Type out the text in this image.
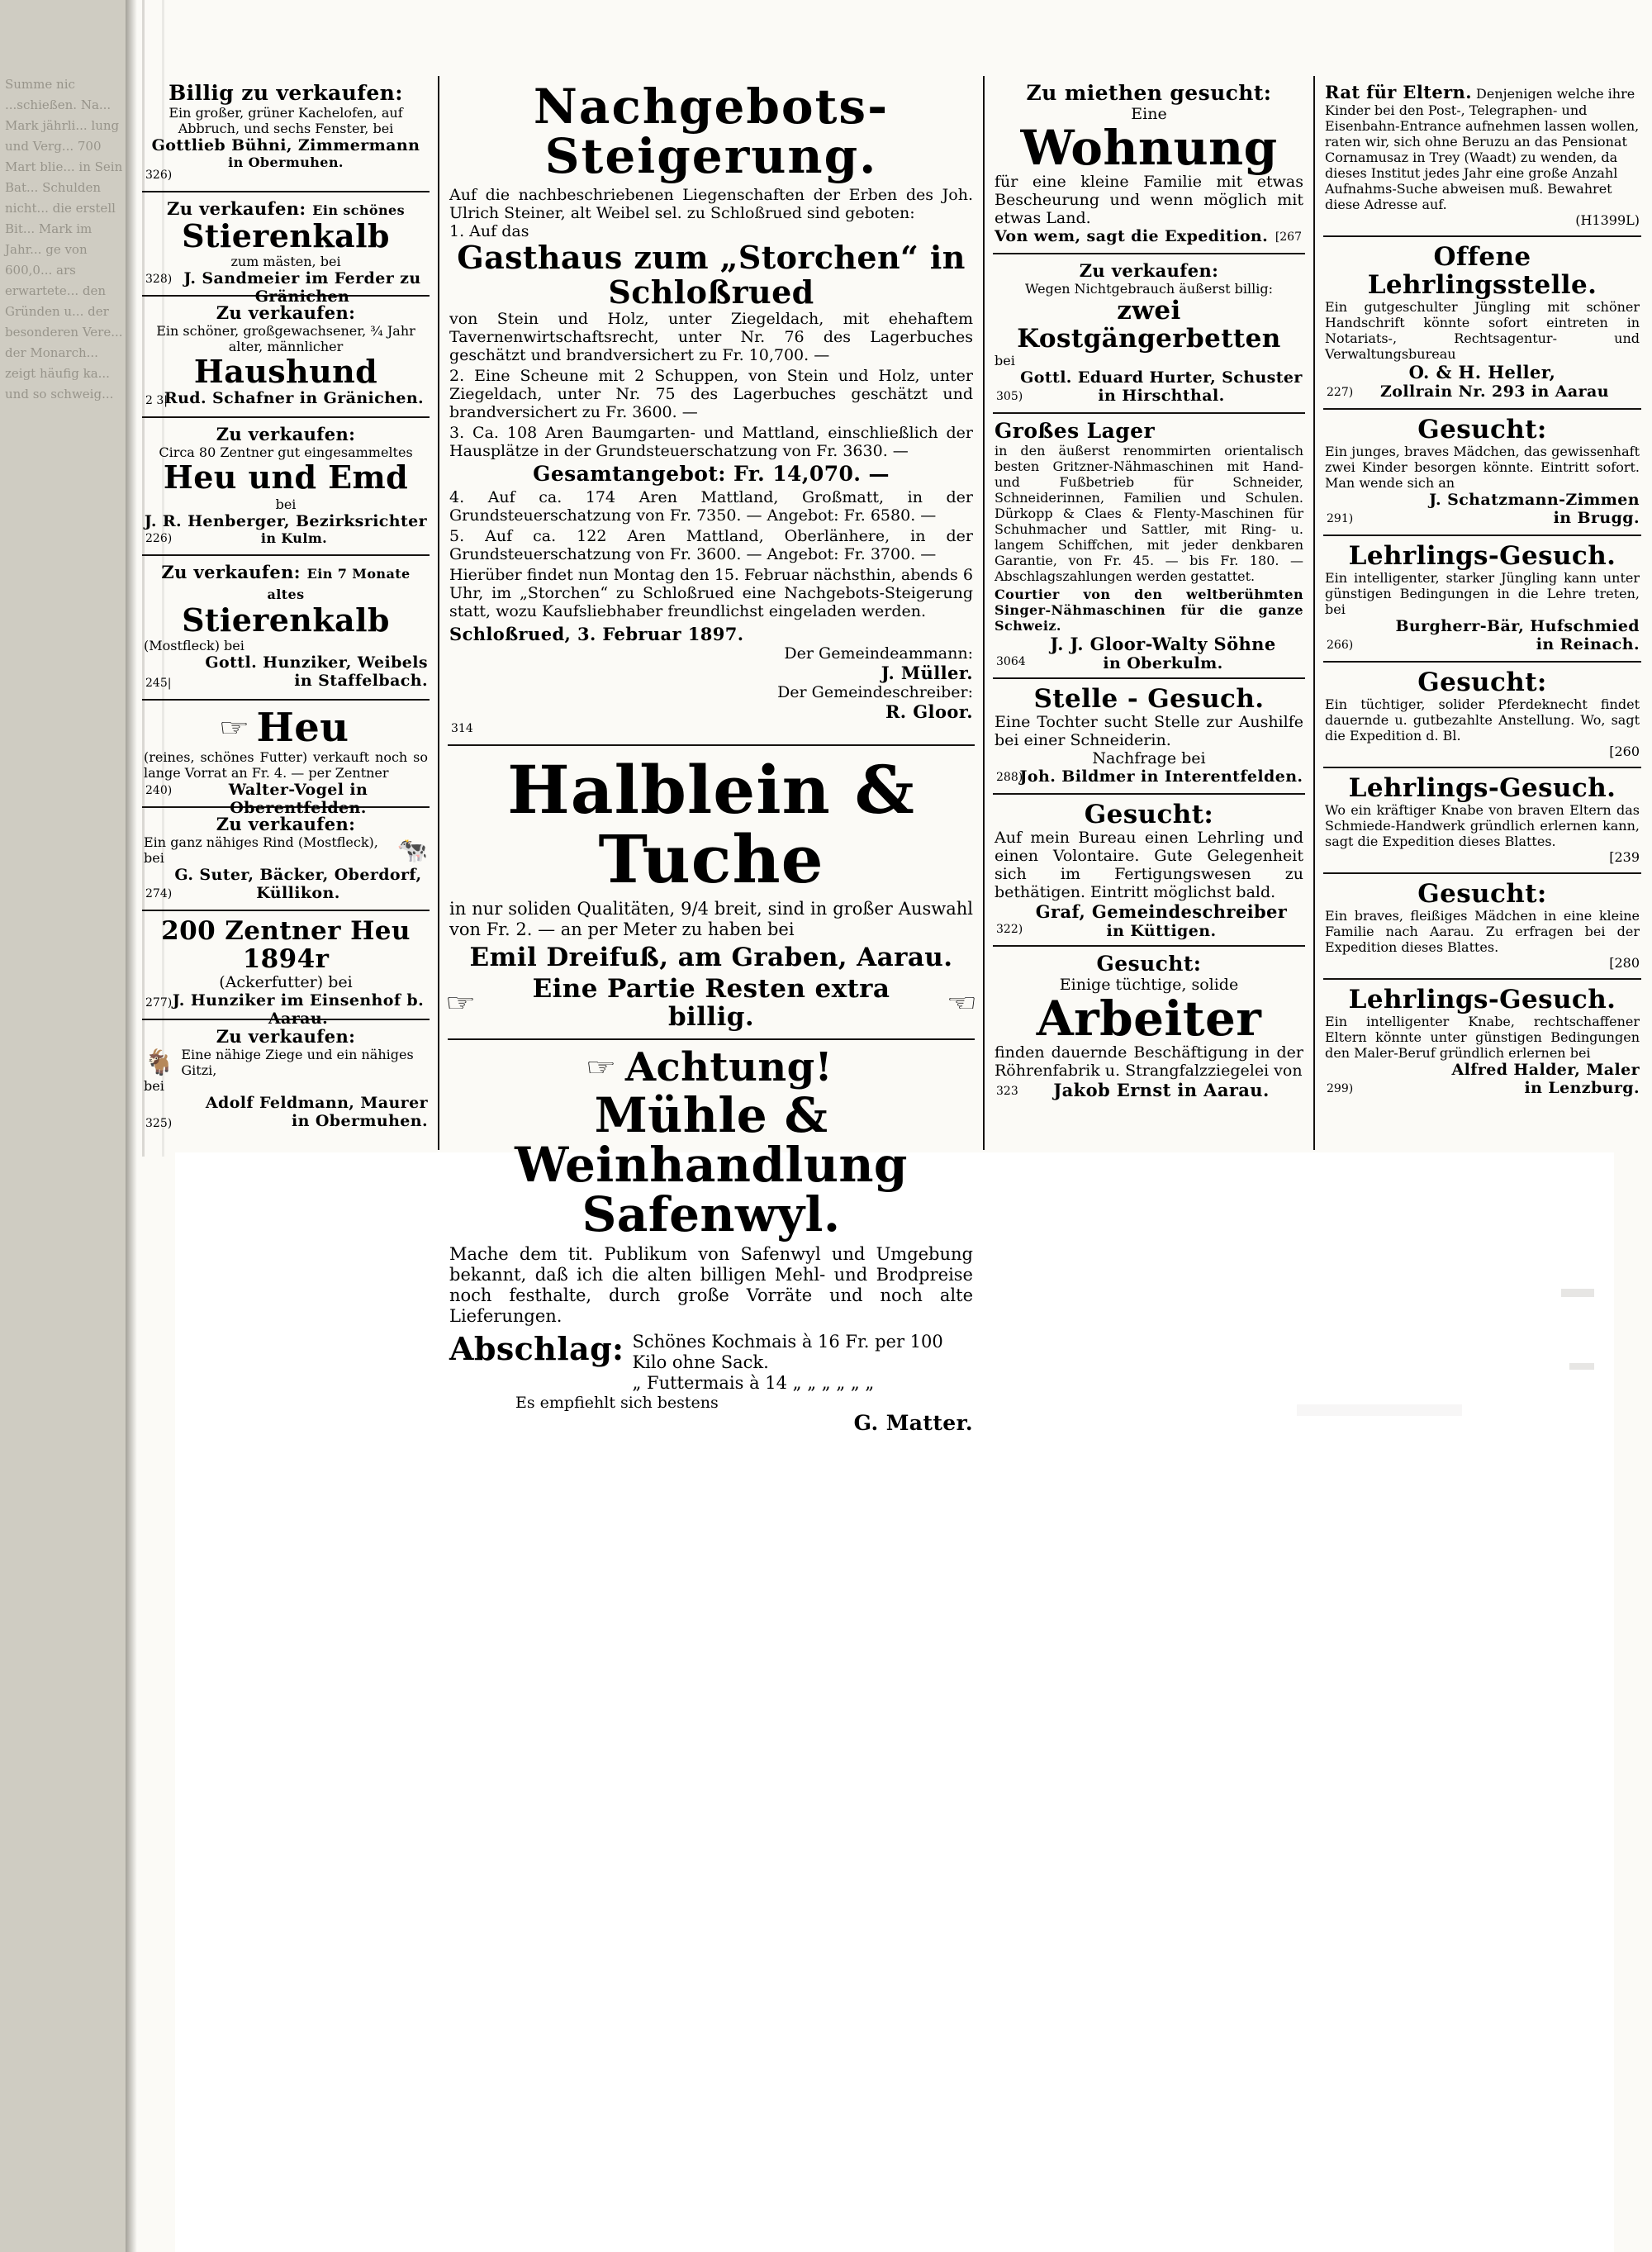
Summe nic ...schießen. Na... Mark jährli... lung und Verg... 700 Mart blie... in Sein Bat... Schulden nicht... die erstell Bit... Mark im Jahr... ge von 600,0... ars erwartete... den Gründen u... der besonderen Vere... der Monarch... zeigt häufig ka... und so schweig...
Billig zu verkaufen:
Ein großer, grüner Kachelofen, auf Abbruch, und sechs Fenster, bei
Gottlieb Bühni, Zimmermann
in Obermuhen.
326)
Zu verkaufen: Ein schönes
Stierenkalb
zum mästen, bei
328) J. Sandmeier im Ferder zu Gränichen
Zu verkaufen:
Ein schöner, großgewachsener, ¾ Jahr alter, männlicher
Haushund
2 3|
Rud. Schafner in Gränichen.
Zu verkaufen:
Circa 80 Zentner gut eingesammeltes
Heu und Emd
bei
J. R. Henberger, Bezirksrichter
226)	in Kulm.
Zu verkaufen: Ein 7 Monate altes
Stierenkalb
(Mostfleck) bei
245|
Gottl. Hunziker, Weibels
in Staffelbach.
☞ Heu
(reines, schönes Futter) verkauft noch so lange Vorrat an Fr. 4. — per Zentner
240)	Walter-Vogel in Oberentfelden.
Zu verkaufen:
Ein ganz nähiges Rind (Mostfleck), bei	🐄
274)
G. Suter, Bäcker, Oberdorf,
Küllikon.
200 Zentner Heu 1894r
(Ackerfutter) bei
277) J. Hunziker im Einsenhof b. Aarau.
Zu verkaufen:
🐐 Eine nähige Ziege und ein nähiges Gitzi,
bei
325)
Adolf Feldmann, Maurer
in Obermuhen.
Nachgebots-Steigerung.
Auf die nachbeschriebenen Liegenschaften der Erben des Joh. Ulrich Steiner, alt Weibel sel. zu Schloßrued sind geboten:
1. Auf das
Gasthaus zum „Storchen“ in Schloßrued
von Stein und Holz, unter Ziegeldach, mit ehehaftem Tavernenwirtschaftsrecht, unter Nr. 76 des Lagerbuches geschätzt und brandversichert zu Fr. 10,700. —
2. Eine Scheune mit 2 Schuppen, von Stein und Holz, unter Ziegeldach, unter Nr. 75 des Lagerbuches geschätzt und brandversichert zu Fr. 3600. —
3. Ca. 108 Aren Baumgarten- und Mattland, einschließlich der Hausplätze in der Grundsteuerschatzung von Fr. 3630. —
Gesamtangebot: Fr. 14,070. —
4. Auf ca. 174 Aren Mattland, Großmatt, in der Grundsteuerschatzung von Fr. 7350. — Angebot: Fr. 6580. —
5. Auf ca. 122 Aren Mattland, Oberlänhere, in der Grundsteuerschatzung von Fr. 3600. — Angebot: Fr. 3700. —
Hierüber findet nun Montag den 15. Februar nächsthin, abends 6 Uhr, im „Storchen“ zu Schloßrued eine Nachgebots-Steigerung statt, wozu Kaufsliebhaber freundlichst eingeladen werden.
Schloßrued, 3. Februar 1897.
Der Gemeindeammann:
J. Müller.
Der Gemeindeschreiber:
R. Gloor.
314
Halblein & Tuche
in nur soliden Qualitäten, 9/4 breit, sind in großer Auswahl von Fr. 2. — an per Meter zu haben bei
Emil Dreifuß, am Graben, Aarau.
☞	Eine Partie Resten extra billig.	☞
☞ Achtung!
Mühle & Weinhandlung Safenwyl.
Mache dem tit. Publikum von Safenwyl und Umgebung bekannt, daß ich die alten billigen Mehl- und Brodpreise noch festhalte, durch große Vorräte und noch alte Lieferungen.
Abschlag: Schönes Kochmais à 16 Fr. per 100 Kilo ohne Sack.
„ Futtermais à 14 „ „ „ „ „ „
Es empfiehlt sich bestens
G. Matter.
Zu miethen gesucht:
Eine
Wohnung
für eine kleine Familie mit etwas Bescheurung und wenn möglich mit etwas Land.
[267
Von wem, sagt die Expedition.
Zu verkaufen:
Wegen Nichtgebrauch äußerst billig:
zwei Kostgängerbetten
bei
305)
Gottl. Eduard Hurter, Schuster
in Hirschthal.
Großes Lager
in den äußerst renommirten orientalisch besten Gritzner-Nähmaschinen mit Hand- und Fußbetrieb für Schneider, Schneiderinnen, Familien und Schulen. Dürkopp & Claes & Flenty-Maschinen für Schuhmacher und Sattler, mit Ring- u. langem Schiffchen, mit jeder denkbaren Garantie, von Fr. 45. — bis Fr. 180. — Abschlagszahlungen werden gestattet.
Courtier von den weltberühmten Singer-Nähmaschinen für die ganze Schweiz.
3064
J. J. Gloor-Walty Söhne
in Oberkulm.
Stelle - Gesuch.
Eine Tochter sucht Stelle zur Aushilfe bei einer Schneiderin.
Nachfrage bei
288)
Joh. Bildmer in Interentfelden.
Gesucht:
Auf mein Bureau einen Lehrling und einen Volontaire. Gute Gelegenheit sich im Fertigungswesen zu bethätigen. Eintritt möglichst bald.
322)
Graf, Gemeindeschreiber
in Küttigen.
Gesucht:
Einige tüchtige, solide
Arbeiter
finden dauernde Beschäftigung in der Röhrenfabrik u. Strangfalzziegelei von
323	Jakob Ernst in Aarau.
Rat für Eltern. Denjenigen welche ihre Kinder bei den Post-, Telegraphen- und Eisenbahn-Entrance aufnehmen lassen wollen, raten wir, sich ohne Beruzu an das Pensionat Cornamusaz in Trey (Waadt) zu wenden, da dieses Institut jedes Jahr eine große Anzahl Aufnahms-Suche abweisen muß. Bewahret diese Adresse auf.
(H1399L)
Offene Lehrlingsstelle.
Ein gutgeschulter Jüngling mit schöner Handschrift könnte sofort eintreten in Notariats-, Rechtsagentur- und Verwaltungsbureau
O. & H. Heller,
227)	Zollrain Nr. 293 in Aarau
Gesucht:
Ein junges, braves Mädchen, das gewissenhaft zwei Kinder besorgen könnte. Eintritt sofort. Man wende sich an
J. Schatzmann-Zimmen
291)	in Brugg.
Lehrlings-Gesuch.
Ein intelligenter, starker Jüngling kann unter günstigen Bedingungen in die Lehre treten, bei
Burgherr-Bär, Hufschmied
266)	in Reinach.
Gesucht:
Ein tüchtiger, solider Pferdeknecht findet dauernde u. gutbezahlte Anstellung. Wo, sagt die Expedition d. Bl.
[260
Lehrlings-Gesuch.
Wo ein kräftiger Knabe von braven Eltern das Schmiede-Handwerk gründlich erlernen kann, sagt die Expedition dieses Blattes.
[239
Gesucht:
Ein braves, fleißiges Mädchen in eine kleine Familie nach Aarau. Zu erfragen bei der Expedition dieses Blattes.
[280
Lehrlings-Gesuch.
Ein intelligenter Knabe, rechtschaffener Eltern könnte unter günstigen Bedingungen den Maler-Beruf gründlich erlernen bei
Alfred Halder, Maler
299)	in Lenzburg.
